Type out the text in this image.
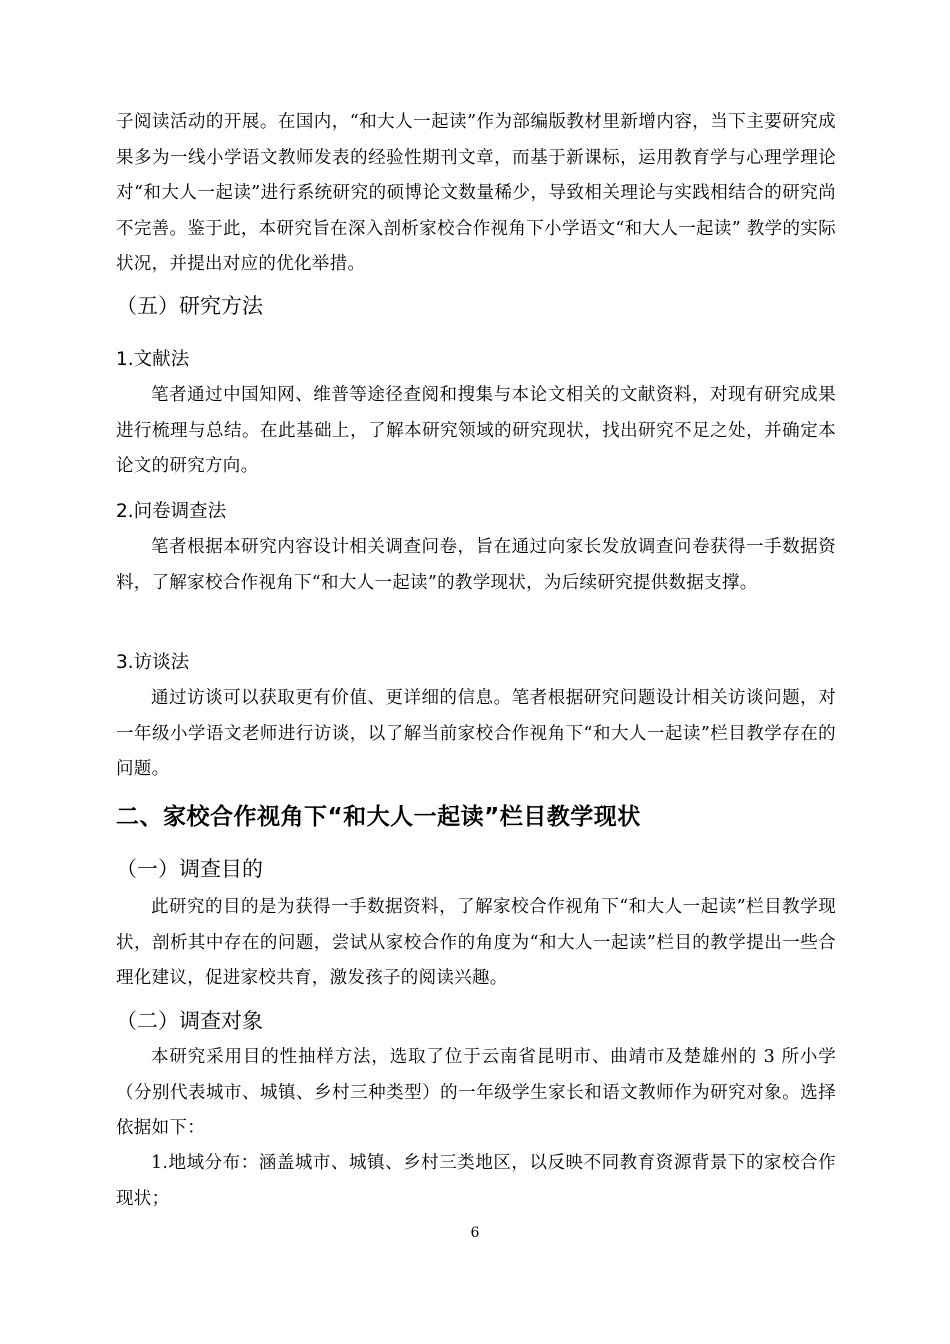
子阅读活动的开展。在国内，“和大人一起读”作为部编版教材里新增内容，当下主要研究成果多为一线小学语文教师发表的经验性期刊文章，而基于新课标，运用教育学与心理学理论对“和大人一起读”进行系统研究的硕博论文数量稀少，导致相关理论与实践相结合的研究尚不完善。鉴于此，本研究旨在深入剖析家校合作视角下小学语文“和大人一起读” 教学的实际状况，并提出对应的优化举措。

（五）研究方法
1.文献法

笔者通过中国知网、维普等途径查阅和搜集与本论文相关的文献资料，对现有研究成果进行梳理与总结。在此基础上，了解本研究领域的研究现状，找出研究不足之处，并确定本论文的研究方向。

2.问卷调查法

笔者根据本研究内容设计相关调查问卷，旨在通过向家长发放调查问卷获得一手数据资料，了解家校合作视角下“和大人一起读”的教学现状，为后续研究提供数据支撑。

3.访谈法

通过访谈可以获取更有价值、更详细的信息。笔者根据研究问题设计相关访谈问题，对一年级小学语文老师进行访谈，以了解当前家校合作视角下“和大人一起读”栏目教学存在的问题。

二、家校合作视角下“和大人一起读”栏目教学现状
（一）调查目的

此研究的目的是为获得一手数据资料，了解家校合作视角下“和大人一起读”栏目教学现状，剖析其中存在的问题，尝试从家校合作的角度为“和大人一起读”栏目的教学提出一些合理化建议，促进家校共育，激发孩子的阅读兴趣。

（二）调查对象

本研究采用目的性抽样方法，选取了位于云南省昆明市、曲靖市及楚雄州的 3 所小学（分别代表城市、城镇、乡村三种类型）的一年级学生家长和语文教师作为研究对象。选择依据如下：

1.地域分布：涵盖城市、城镇、乡村三类地区，以反映不同教育资源背景下的家校合作现状；

6
